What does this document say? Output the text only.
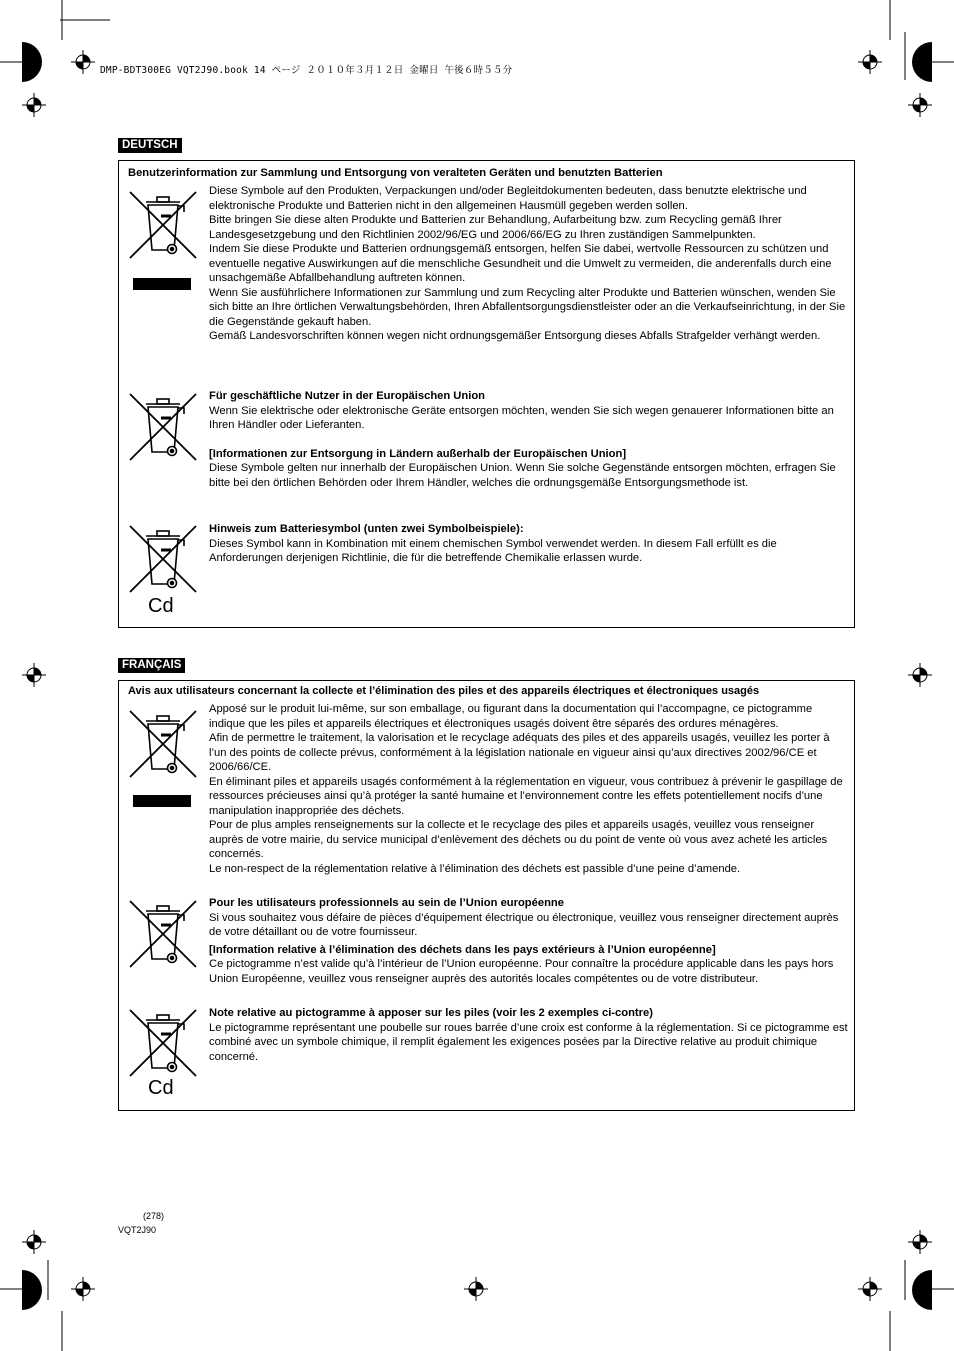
DMP-BDT300EG VQT2J90.book 14 ページ ２０１０年３月１２日 金曜日 午後６時５５分
DEUTSCH
Benutzerinformation zur Sammlung und Entsorgung von veralteten Geräten und benutzten Batterien

Diese Symbole auf den Produkten, Verpackungen und/oder Begleitdokumenten bedeuten, dass benutzte elektrische und elektronische Produkte und Batterien nicht in den allgemeinen Hausmüll gegeben werden sollen.

Bitte bringen Sie diese alten Produkte und Batterien zur Behandlung, Aufarbeitung bzw. zum Recycling gemäß Ihrer Landesgesetzgebung und den Richtlinien 2002/96/EG und 2006/66/EG zu Ihren zuständigen Sammelpunkten.

Indem Sie diese Produkte und Batterien ordnungsgemäß entsorgen, helfen Sie dabei, wertvolle Ressourcen zu schützen und eventuelle negative Auswirkungen auf die menschliche Gesundheit und die Umwelt zu vermeiden, die anderenfalls durch eine unsachgemäße Abfallbehandlung auftreten können.

Wenn Sie ausführlichere Informationen zur Sammlung und zum Recycling alter Produkte und Batterien wünschen, wenden Sie sich bitte an Ihre örtlichen Verwaltungsbehörden, Ihren Abfallentsorgungsdienstleister oder an die Verkaufseinrichtung, in der Sie die Gegenstände gekauft haben.

Gemäß Landesvorschriften können wegen nicht ordnungsgemäßer Entsorgung dieses Abfalls Strafgelder verhängt werden.

Für geschäftliche Nutzer in der Europäischen Union

Wenn Sie elektrische oder elektronische Geräte entsorgen möchten, wenden Sie sich wegen genauerer Informationen bitte an Ihren Händler oder Lieferanten.

[Informationen zur Entsorgung in Ländern außerhalb der Europäischen Union]

Diese Symbole gelten nur innerhalb der Europäischen Union. Wenn Sie solche Gegenstände entsorgen möchten, erfragen Sie bitte bei den örtlichen Behörden oder Ihrem Händler, welches die ordnungsgemäße Entsorgungsmethode ist.

Cd

Hinweis zum Batteriesymbol (unten zwei Symbolbeispiele):

Dieses Symbol kann in Kombination mit einem chemischen Symbol verwendet werden. In diesem Fall erfüllt es die Anforderungen derjenigen Richtlinie, die für die betreffende Chemikalie erlassen wurde.

FRANÇAIS
Avis aux utilisateurs concernant la collecte et l’élimination des piles et des appareils électriques et électroniques usagés

Apposé sur le produit lui-même, sur son emballage, ou figurant dans la documentation qui l’accompagne, ce pictogramme indique que les piles et appareils électriques et électroniques usagés doivent être séparés des ordures ménagères.

Afin de permettre le traitement, la valorisation et le recyclage adéquats des piles et des appareils usagés, veuillez les porter à l’un des points de collecte prévus, conformément à la législation nationale en vigueur ainsi qu’aux directives 2002/96/CE et 2006/66/CE.

En éliminant piles et appareils usagés conformément à la réglementation en vigueur, vous contribuez à prévenir le gaspillage de ressources précieuses ainsi qu’à protéger la santé humaine et l’environnement contre les effets potentiellement nocifs d’une manipulation inappropriée des déchets.

Pour de plus amples renseignements sur la collecte et le recyclage des piles et appareils usagés, veuillez vous renseigner auprès de votre mairie, du service municipal d’enlèvement des déchets ou du point de vente où vous avez acheté les articles concernés.

Le non-respect de la réglementation relative à l’élimination des déchets est passible d’une peine d’amende.

Pour les utilisateurs professionnels au sein de l’Union européenne

Si vous souhaitez vous défaire de pièces d’équipement électrique ou électronique, veuillez vous renseigner directement auprès de votre détaillant ou de votre fournisseur.

[Information relative à l’élimination des déchets dans les pays extérieurs à l’Union européenne]

Ce pictogramme n’est valide qu’à l’intérieur de l’Union européenne. Pour connaître la procédure applicable dans les pays hors Union Européenne, veuillez vous renseigner auprès des autorités locales compétentes ou de votre distributeur.

Cd

Note relative au pictogramme à apposer sur les piles (voir les 2 exemples ci-contre)

Le pictogramme représentant une poubelle sur roues barrée d’une croix est conforme à la réglementation. Si ce pictogramme est combiné avec un symbole chimique, il remplit également les exigences posées par la Directive relative au produit chimique concerné.

(278)
VQT2J90
